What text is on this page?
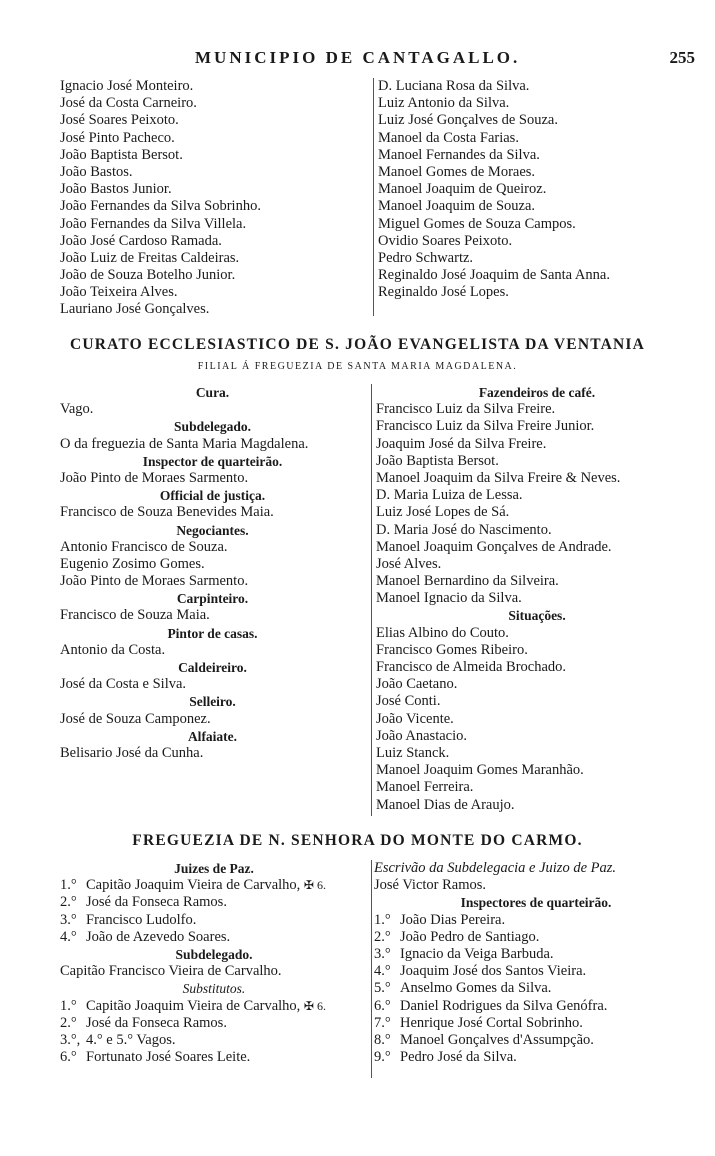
MUNICIPIO DE CANTAGALLO.	255
Ignacio José Monteiro.
José da Costa Carneiro.
José Soares Peixoto.
José Pinto Pacheco.
João Baptista Bersot.
João Bastos.
João Bastos Junior.
João Fernandes da Silva Sobrinho.
João Fernandes da Silva Villela.
João José Cardoso Ramada.
João Luiz de Freitas Caldeiras.
João de Souza Botelho Junior.
João Teixeira Alves.
Lauriano José Gonçalves.
D. Luciana Rosa da Silva.
Luiz Antonio da Silva.
Luiz José Gonçalves de Souza.
Manoel da Costa Farias.
Manoel Fernandes da Silva.
Manoel Gomes de Moraes.
Manoel Joaquim de Queiroz.
Manoel Joaquim de Souza.
Miguel Gomes de Souza Campos.
Ovidio Soares Peixoto.
Pedro Schwartz.
Reginaldo José Joaquim de Santa Anna.
Reginaldo José Lopes.
CURATO ECCLESIASTICO DE S. JOÃO EVANGELISTA DA VENTANIA
FILIAL Á FREGUEZIA DE SANTA MARIA MAGDALENA.
Cura.
Vago.
Subdelegado.
O da freguezia de Santa Maria Magdalena.
Inspector de quarteirão.
João Pinto de Moraes Sarmento.
Official de justiça.
Francisco de Souza Benevides Maia.
Negociantes.
Antonio Francisco de Souza.
Eugenio Zosimo Gomes.
João Pinto de Moraes Sarmento.
Carpinteiro.
Francisco de Souza Maia.
Pintor de casas.
Antonio da Costa.
Caldeireiro.
José da Costa e Silva.
Selleiro.
José de Souza Camponez.
Alfaiate.
Belisario José da Cunha.
Fazendeiros de café.
Francisco Luiz da Silva Freire.
Francisco Luiz da Silva Freire Junior.
Joaquim José da Silva Freire.
João Baptista Bersot.
Manoel Joaquim da Silva Freire & Neves.
D. Maria Luiza de Lessa.
Luiz José Lopes de Sá.
D. Maria José do Nascimento.
Manoel Joaquim Gonçalves de Andrade.
José Alves.
Manoel Bernardino da Silveira.
Manoel Ignacio da Silva.
Situações.
Elias Albino do Couto.
Francisco Gomes Ribeiro.
Francisco de Almeida Brochado.
João Caetano.
José Conti.
João Vicente.
João Anastacio.
Luiz Stanck.
Manoel Joaquim Gomes Maranhão.
Manoel Ferreira.
Manoel Dias de Araujo.
FREGUEZIA DE N. SENHORA DO MONTE DO CARMO.
Juizes de Paz.
1.° Capitão Joaquim Vieira de Carvalho, ✠ 6.
2.° José da Fonseca Ramos.
3.° Francisco Ludolfo.
4.° João de Azevedo Soares.
Subdelegado.
Capitão Francisco Vieira de Carvalho.
Substitutos.
1.° Capitão Joaquim Vieira de Carvalho, ✠ 6.
2.° José da Fonseca Ramos.
3.°, 4.° e 5.° Vagos.
6.° Fortunato José Soares Leite.
Escrivão da Subdelegacia e Juizo de Paz.
José Victor Ramos.
Inspectores de quarteirão.
1.° João Dias Pereira.
2.° João Pedro de Santiago.
3.° Ignacio da Veiga Barbuda.
4.° Joaquim José dos Santos Vieira.
5.° Anselmo Gomes da Silva.
6.° Daniel Rodrigues da Silva Genófra.
7.° Henrique José Cortal Sobrinho.
8.° Manoel Gonçalves d'Assumpção.
9.° Pedro José da Silva.
